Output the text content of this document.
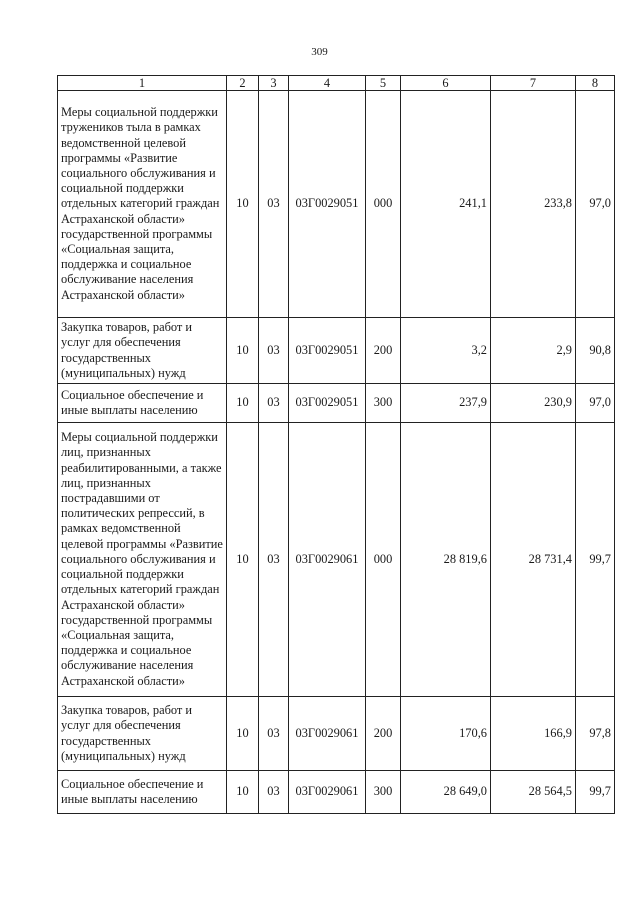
309
1	2	3	4	5	6	7	8
Меры социальной поддержки тружеников тыла в рамках ведомственной целевой программы «Развитие социального обслуживания и социальной поддержки отдельных категорий граждан Астраханской области» государственной программы «Социальная защита, поддержка и социальное обслуживание населения Астраханской области»	10	03	03Г0029051	000	241,1	233,8	97,0
Закупка товаров, работ и услуг для обеспечения государственных (муниципальных) нужд	10	03	03Г0029051	200	3,2	2,9	90,8
Социальное обеспечение и иные выплаты населению	10	03	03Г0029051	300	237,9	230,9	97,0
Меры социальной поддержки лиц, признанных реабилитированными, а также лиц, признанных пострадавшими от политических репрессий, в рамках ведомственной целевой программы «Развитие социального обслуживания и социальной поддержки отдельных категорий граждан Астраханской области» государственной программы «Социальная защита, поддержка и социальное обслуживание населения Астраханской области»	10	03	03Г0029061	000	28 819,6	28 731,4	99,7
Закупка товаров, работ и услуг для обеспечения государственных (муниципальных) нужд	10	03	03Г0029061	200	170,6	166,9	97,8
Социальное обеспечение и иные выплаты населению	10	03	03Г0029061	300	28 649,0	28 564,5	99,7
